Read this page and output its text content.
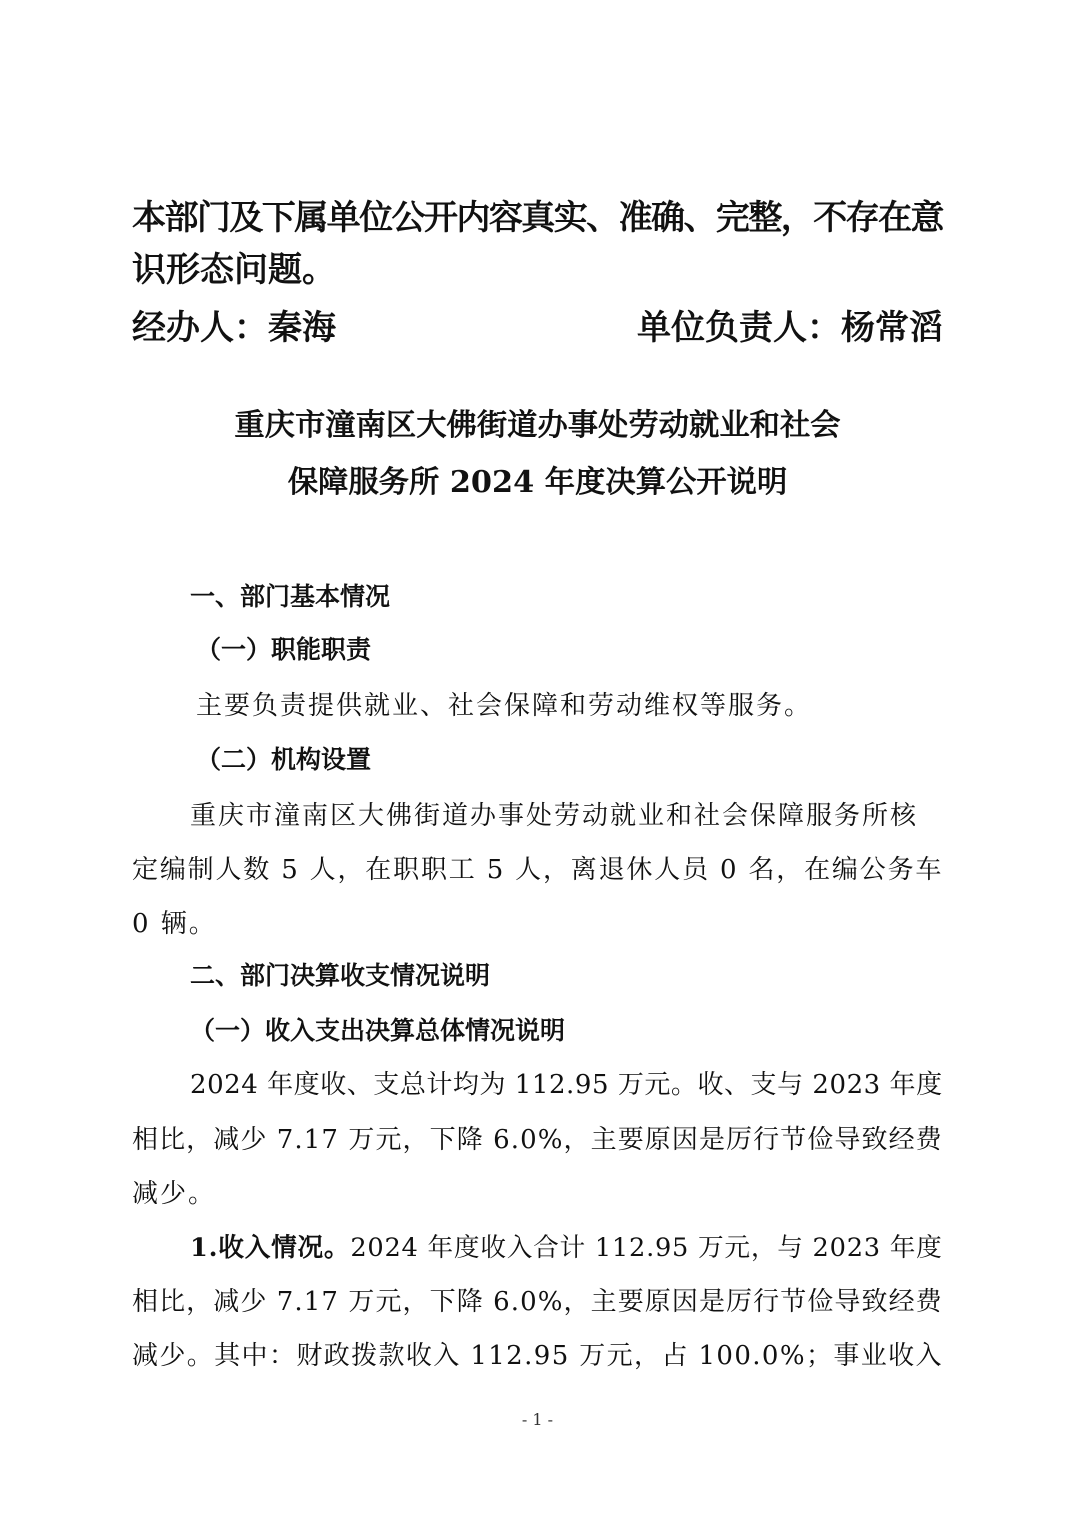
本部门及下属单位公开内容真实、准确、完整，不存在意
识形态问题。
经办人：秦海	单位负责人：杨常滔
重庆市潼南区大佛街道办事处劳动就业和社会
保障服务所 2024 年度决算公开说明
一、部门基本情况
（一）职能职责
主要负责提供就业、社会保障和劳动维权等服务。
（二）机构设置
重庆市潼南区大佛街道办事处劳动就业和社会保障服务所核
定编制人数 5 人，在职职工 5 人，离退休人员 0 名，在编公务车
0 辆。
二、部门决算收支情况说明
（一）收入支出决算总体情况说明
2024 年度收、支总计均为 112.95 万元。收、支与 2023 年度
相比，减少 7.17 万元，下降 6.0%，主要原因是厉行节俭导致经费
减少。
1.收入情况。2024 年度收入合计 112.95 万元，与 2023 年度
相比，减少 7.17 万元，下降 6.0%，主要原因是厉行节俭导致经费
减少。其中：财政拨款收入 112.95 万元，占 100.0%；事业收入
- 1 -
